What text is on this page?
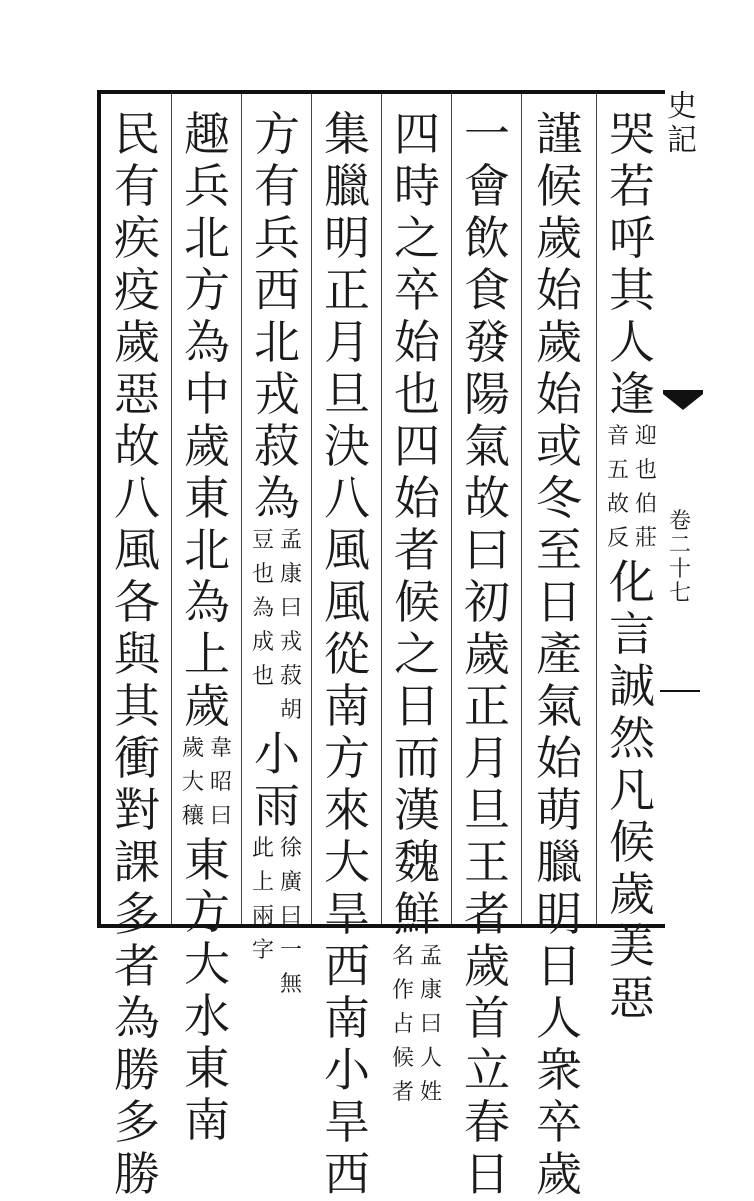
哭
若
呼
其
人
逢
迎
也
伯
莊
音
五
故
反
化
言
誠
然
凡
候
歲
美
惡
謹
候
歲
始
歲
始
或
冬
至
日
產
氣
始
萌
臘
明
日
人
衆
卒
歲
一
會
飲
食
發
陽
氣
故
曰
初
歲
正
月
旦
王
者
歲
首
立
春
日
四
時
之
卒
始
也
四
始
者
候
之
日
而
漢
魏
鮮
孟
康
曰
人
姓
名
作
占
候
者
集
臘
明
正
月
旦
決
八
風
風
從
南
方
來
大
旱
西
南
小
旱
西
方
有
兵
西
北
戎
菽
為
孟
康
曰
戎
菽
胡
豆
也
為
成
也
小
雨
徐
廣
曰
一
無
此
上
兩
字
趣
兵
北
方
為
中
歲
東
北
為
上
歲
韋
昭
曰
歲
大
穰
東
方
大
水
東
南
民
有
疾
疫
歲
惡
故
八
風
各
與
其
衝
對
課
多
者
為
勝
多
勝
史
記
卷
二
十
七
